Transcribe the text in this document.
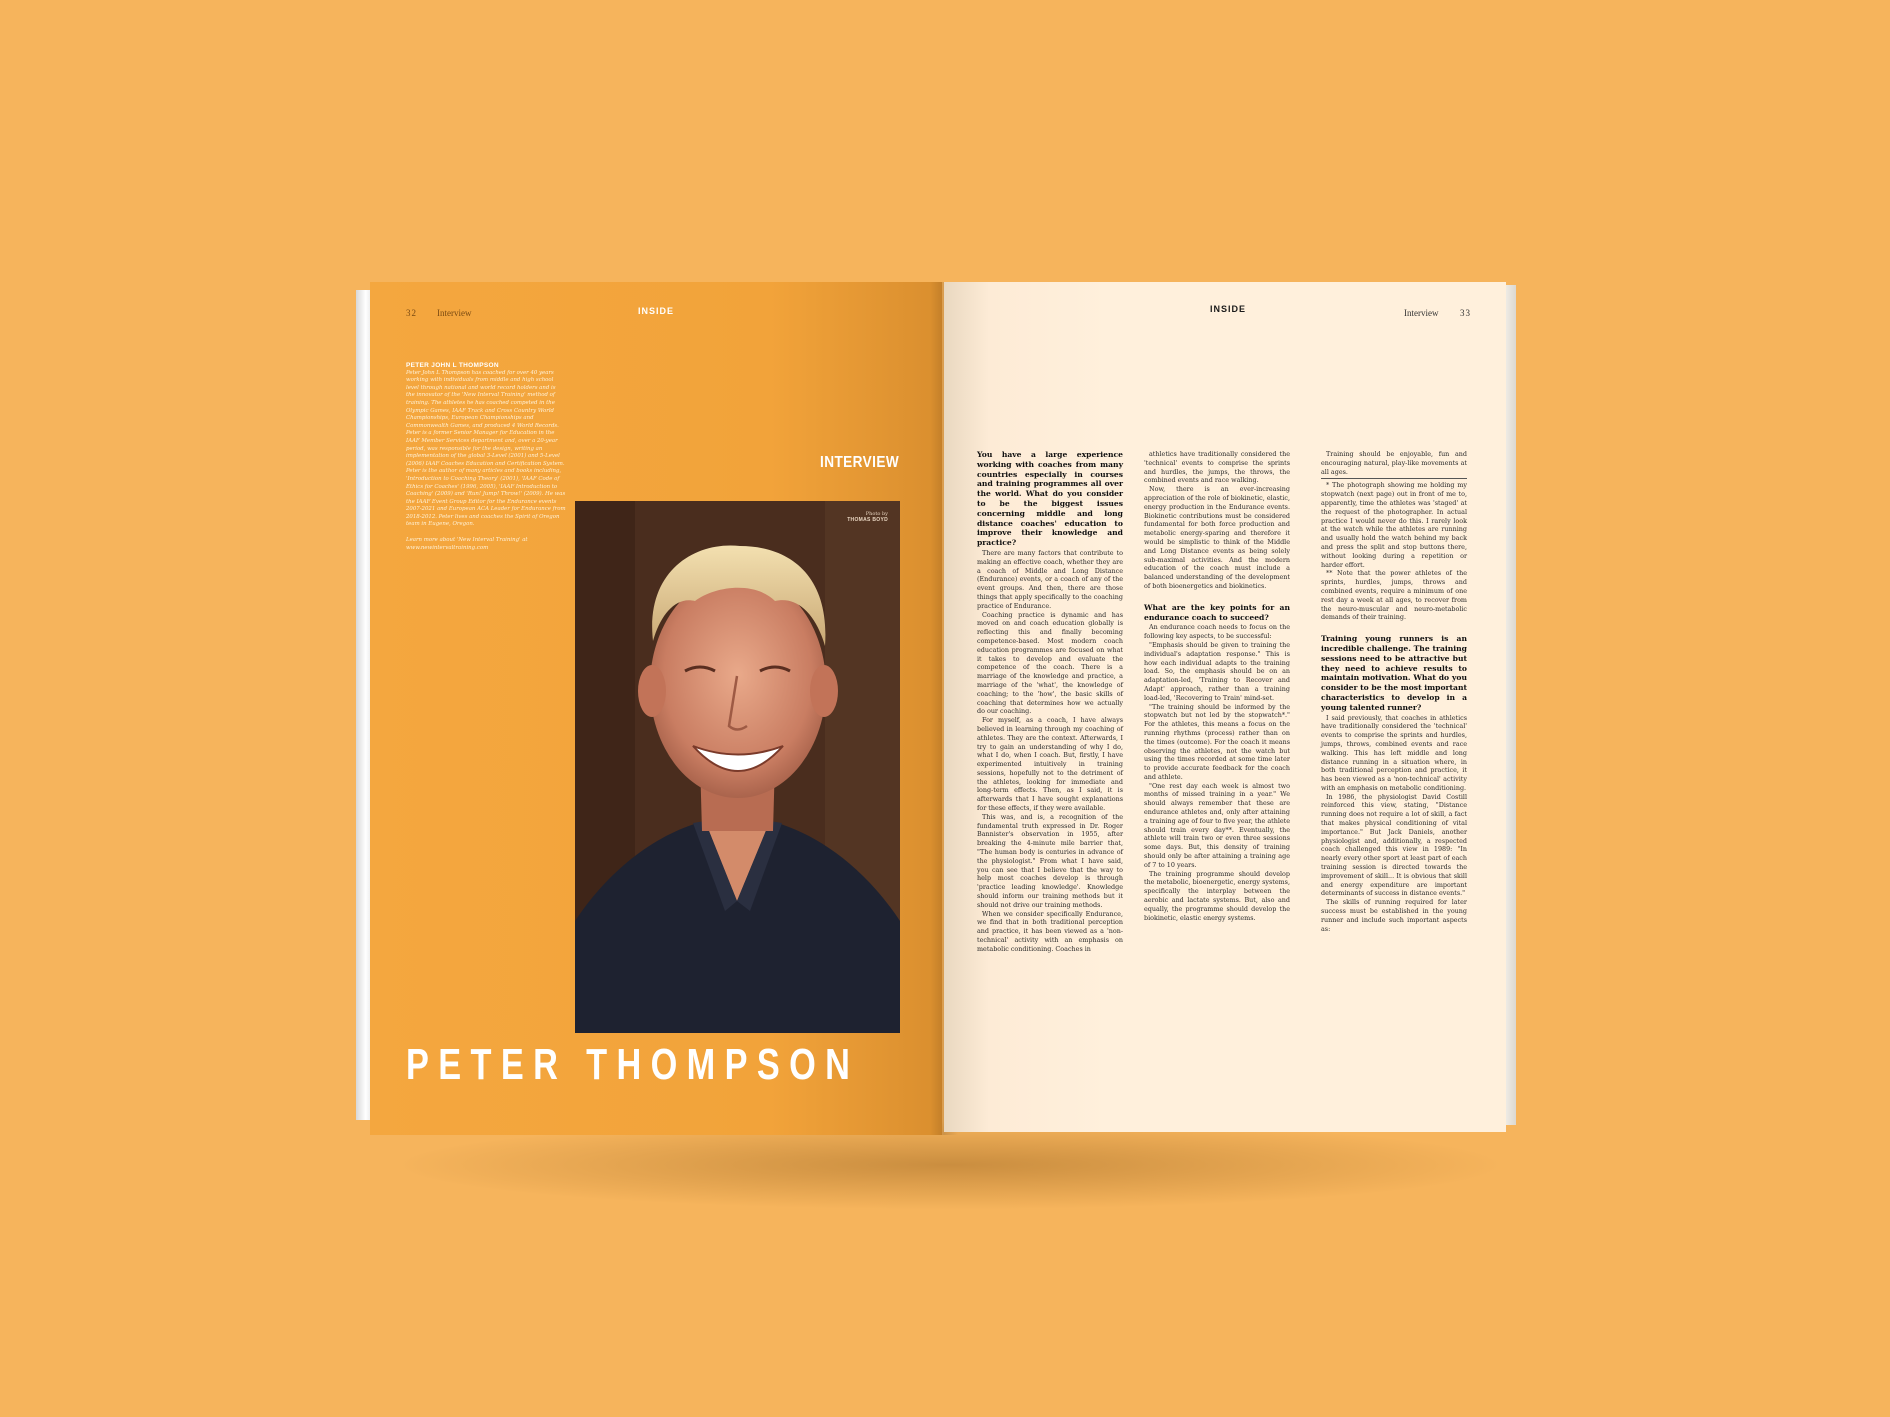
32 Interview	INSIDE
PETER JOHN L THOMPSON

Peter John L Thompson has coached for over 40 years working with individuals from middle and high school level through national and world record holders and is the innovator of the 'New Interval Training' method of training. The athletes he has coached competed in the Olympic Games, IAAF Track and Cross Country World Championships, European Championships and Commonwealth Games, and produced 4 World Records.

Peter is a former Senior Manager for Education in the IAAF Member Services department and, over a 20-year period, was responsible for the design, writing an implementation of the global 3-Level (2001) and 5-Level (2006) IAAF Coaches Education and Certification System. Peter is the author of many articles and books including, 'Introduction to Coaching Theory' (2001), 'IAAF Code of Ethics for Coaches' (1996, 2005), 'IAAF Introduction to Coaching' (2009) and 'Run! Jump! Throw!' (2009). He was the IAAF Event Group Editor for the Endurance events 2007-2021 and European ACA Leader for Endurance from 2018-2012. Peter lives and coaches the Spirit of Oregon team in Eugene, Oregon.

Learn more about 'New Interval Training' at www.newintervaltraining.com

INTERVIEW
Photo by
THOMAS BOYD
PETER THOMPSON
INSIDE	Interview 33

You have a large experience working with coaches from many countries especially in courses and training programmes all over the world. What do you consider to be the biggest issues concerning middle and long distance coaches' education to improve their knowledge and practice?

There are many factors that contribute to making an effective coach, whether they are a coach of Middle and Long Distance (Endurance) events, or a coach of any of the event groups. And then, there are those things that apply specifically to the coaching practice of Endurance.

Coaching practice is dynamic and has moved on and coach education globally is reflecting this and finally becoming competence-based. Most modern coach education programmes are focused on what it takes to develop and evaluate the competence of the coach. There is a marriage of the knowledge and practice, a marriage of the 'what', the knowledge of coaching; to the 'how', the basic skills of coaching that determines how we actually do our coaching.

For myself, as a coach, I have always believed in learning through my coaching of athletes. They are the context. Afterwards, I try to gain an understanding of why I do, what I do, when I coach. But, firstly, I have experimented intuitively in training sessions, hopefully not to the detriment of the athletes, looking for immediate and long-term effects. Then, as I said, it is afterwards that I have sought explanations for these effects, if they were available.

This was, and is, a recognition of the fundamental truth expressed in Dr. Roger Bannister's observation in 1955, after breaking the 4-minute mile barrier that, "The human body is centuries in advance of the physiologist." From what I have said, you can see that I believe that the way to help most coaches develop is through 'practice leading knowledge'. Knowledge should inform our training methods but it should not drive our training methods.

When we consider specifically Endurance, we find that in both traditional perception and practice, it has been viewed as a 'non-technical' activity with an emphasis on metabolic conditioning. Coaches in

athletics have traditionally considered the 'technical' events to comprise the sprints and hurdles, the jumps, the throws, the combined events and race walking.

Now, there is an ever-increasing appreciation of the role of biokinetic, elastic, energy production in the Endurance events. Biokinetic contributions must be considered fundamental for both force production and metabolic energy-sparing and therefore it would be simplistic to think of the Middle and Long Distance events as being solely sub-maximal activities. And the modern education of the coach must include a balanced understanding of the development of both bioenergetics and biokinetics.

What are the key points for an endurance coach to succeed?

An endurance coach needs to focus on the following key aspects, to be successful:

"Emphasis should be given to training the individual's adaptation response." This is how each individual adapts to the training load. So, the emphasis should be on an adaptation-led, 'Training to Recover and Adapt' approach, rather than a training load-led, 'Recovering to Train' mind-set.

"The training should be informed by the stopwatch but not led by the stopwatch*." For the athletes, this means a focus on the running rhythms (process) rather than on the times (outcome). For the coach it means observing the athletes, not the watch but using the times recorded at some time later to provide accurate feedback for the coach and athlete.

"One rest day each week is almost two months of missed training in a year." We should always remember that these are endurance athletes and, only after attaining a training age of four to five year, the athlete should train every day**. Eventually, the athlete will train two or even three sessions some days. But, this density of training should only be after attaining a training age of 7 to 10 years.

The training programme should develop the metabolic, bioenergetic, energy systems, specifically the interplay between the aerobic and lactate systems. But, also and equally, the programme should develop the biokinetic, elastic energy systems.

Training should be enjoyable, fun and encouraging natural, play-like movements at all ages.

* The photograph showing me holding my stopwatch (next page) out in front of me to, apparently, time the athletes was 'staged' at the request of the photographer. In actual practice I would never do this. I rarely look at the watch while the athletes are running and usually hold the watch behind my back and press the split and stop buttons there, without looking during a repetition or harder effort.

** Note that the power athletes of the sprints, hurdles, jumps, throws and combined events, require a minimum of one rest day a week at all ages, to recover from the neuro-muscular and neuro-metabolic demands of their training.

Training young runners is an incredible challenge. The training sessions need to be attractive but they need to achieve results to maintain motivation. What do you consider to be the most important characteristics to develop in a young talented runner?

I said previously, that coaches in athletics have traditionally considered the 'technical' events to comprise the sprints and hurdles, jumps, throws, combined events and race walking. This has left middle and long distance running in a situation where, in both traditional perception and practice, it has been viewed as a 'non-technical' activity with an emphasis on metabolic conditioning.

In 1986, the physiologist David Costill reinforced this view, stating, "Distance running does not require a lot of skill, a fact that makes physical conditioning of vital importance." But Jack Daniels, another physiologist and, additionally, a respected coach challenged this view in 1989: "In nearly every other sport at least part of each training session is directed towards the improvement of skill... It is obvious that skill and energy expenditure are important determinants of success in distance events."

The skills of running required for later success must be established in the young runner and include such important aspects as:
